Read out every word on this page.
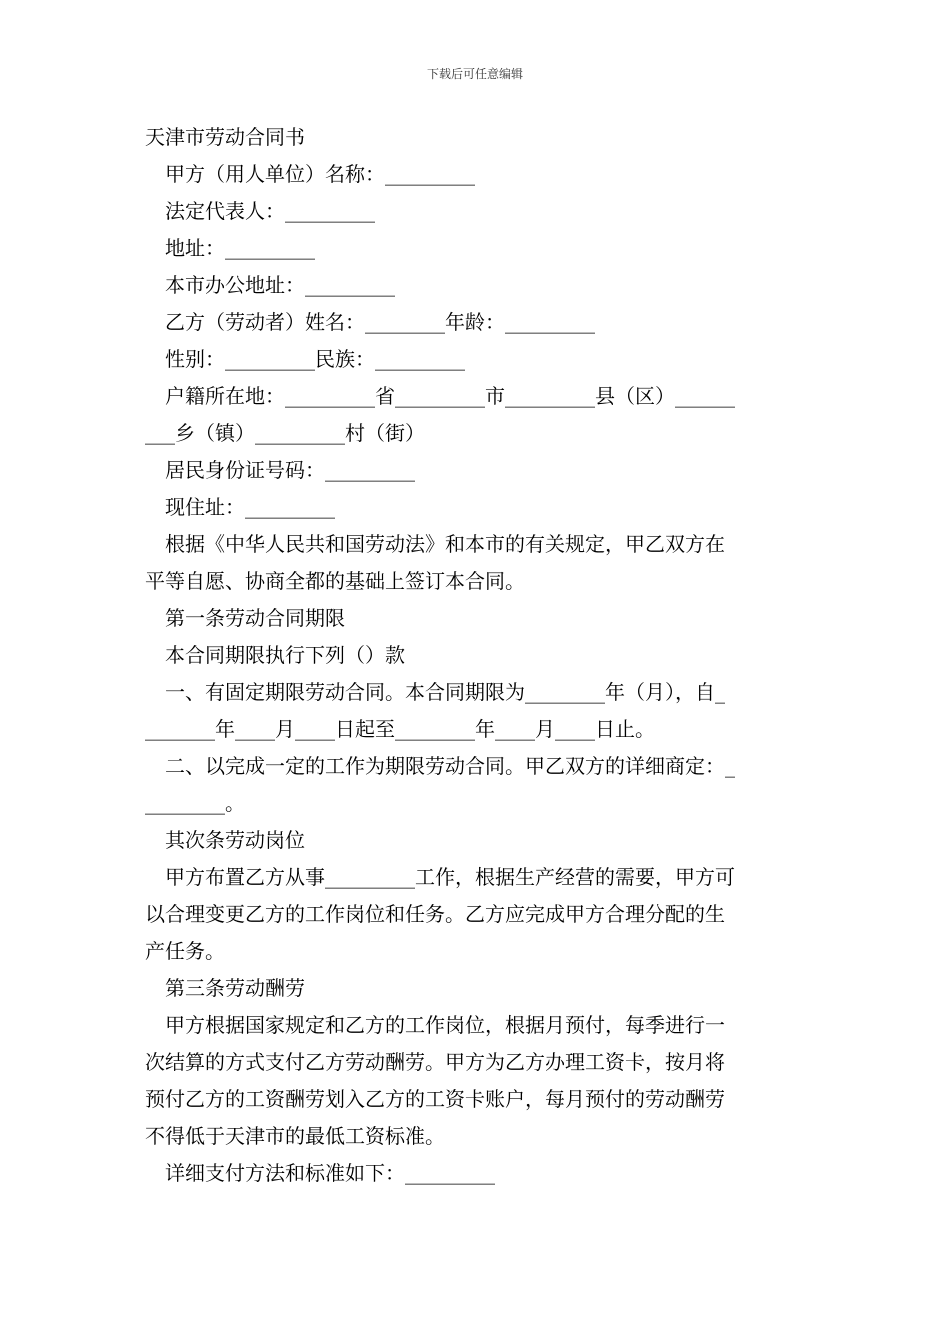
下载后可任意编辑
天津市劳动合同书
甲方（用人单位）名称：_________
法定代表人：_________
地址：_________
本市办公地址：_________
乙方（劳动者）姓名：________年龄：_________
性别：_________民族：_________
户籍所在地：_________省_________市_________县（区）______
___乡（镇）_________村（街）
居民身份证号码：_________
现住址：_________
根据《中华人民共和国劳动法》和本市的有关规定，甲乙双方在
平等自愿、协商全都的基础上签订本合同。
第一条劳动合同期限
本合同期限执行下列（）款
一、有固定期限劳动合同。本合同期限为________年（月），自_
_______年____月____日起至________年____月____日止。
二、以完成一定的工作为期限劳动合同。甲乙双方的详细商定：_
________。
其次条劳动岗位
甲方布置乙方从事_________工作，根据生产经营的需要，甲方可
以合理变更乙方的工作岗位和任务。乙方应完成甲方合理分配的生
产任务。
第三条劳动酬劳
甲方根据国家规定和乙方的工作岗位，根据月预付，每季进行一
次结算的方式支付乙方劳动酬劳。甲方为乙方办理工资卡，按月将
预付乙方的工资酬劳划入乙方的工资卡账户，每月预付的劳动酬劳
不得低于天津市的最低工资标准。
详细支付方法和标准如下：_________
